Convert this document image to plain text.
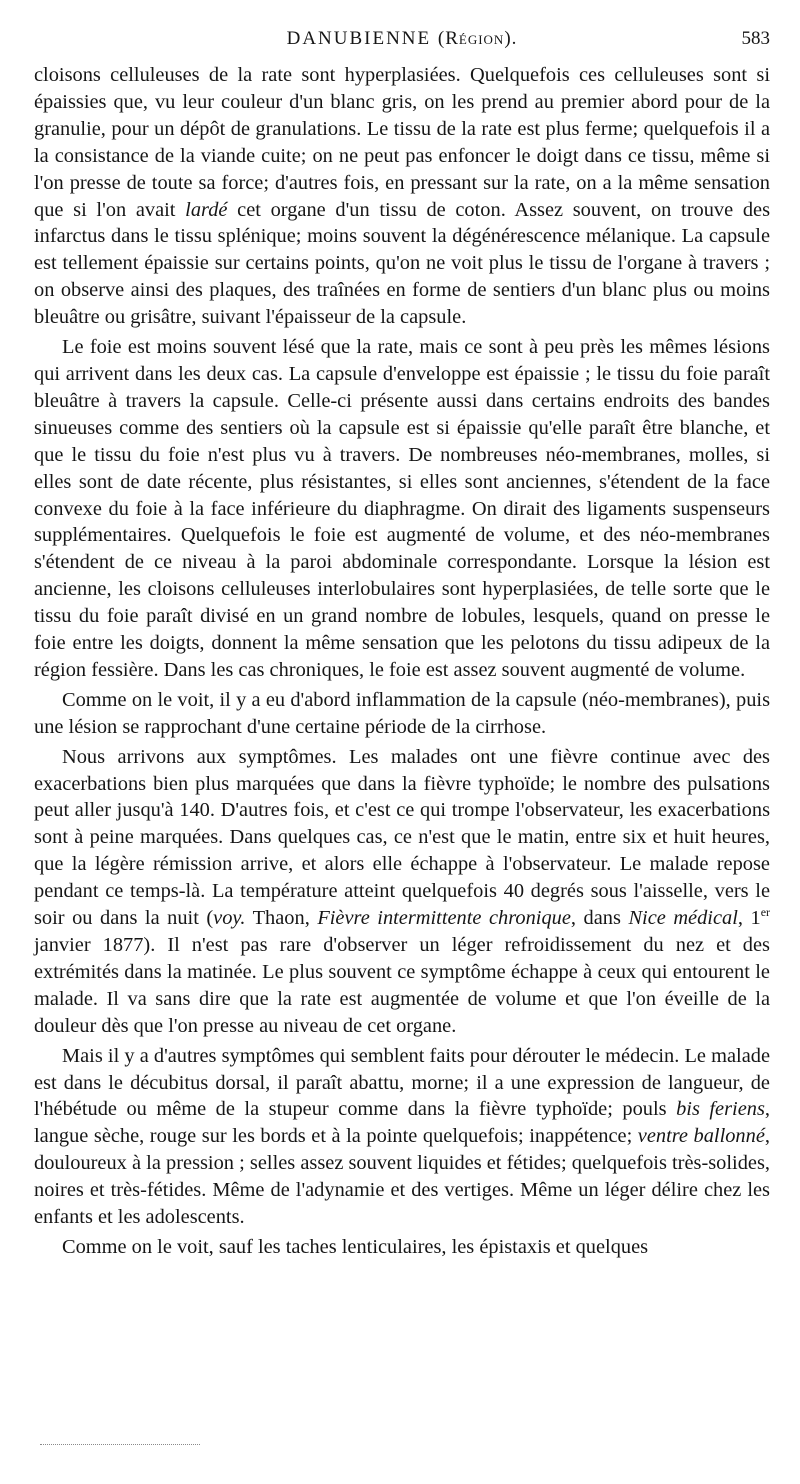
DANUBIENNE (Région).	583

cloisons celluleuses de la rate sont hyperplasiées. Quelquefois ces celluleuses sont si épaissies que, vu leur couleur d'un blanc gris, on les prend au premier abord pour de la granulie, pour un dépôt de granulations. Le tissu de la rate est plus ferme; quelquefois il a la consistance de la viande cuite; on ne peut pas enfoncer le doigt dans ce tissu, même si l'on presse de toute sa force; d'autres fois, en pressant sur la rate, on a la même sensation que si l'on avait lardé cet organe d'un tissu de coton. Assez souvent, on trouve des infarctus dans le tissu splénique; moins souvent la dégénérescence mélanique. La capsule est tellement épaissie sur certains points, qu'on ne voit plus le tissu de l'organe à travers ; on observe ainsi des plaques, des traînées en forme de sentiers d'un blanc plus ou moins bleuâtre ou grisâtre, suivant l'épaisseur de la capsule.

Le foie est moins souvent lésé que la rate, mais ce sont à peu près les mêmes lésions qui arrivent dans les deux cas. La capsule d'enveloppe est épaissie ; le tissu du foie paraît bleuâtre à travers la capsule. Celle-ci présente aussi dans certains endroits des bandes sinueuses comme des sentiers où la capsule est si épaissie qu'elle paraît être blanche, et que le tissu du foie n'est plus vu à travers. De nombreuses néo-membranes, molles, si elles sont de date récente, plus résistantes, si elles sont anciennes, s'étendent de la face convexe du foie à la face inférieure du diaphragme. On dirait des ligaments suspenseurs supplémentaires. Quelquefois le foie est augmenté de volume, et des néo-membranes s'étendent de ce niveau à la paroi abdominale correspondante. Lorsque la lésion est ancienne, les cloisons celluleuses interlobulaires sont hyperplasiées, de telle sorte que le tissu du foie paraît divisé en un grand nombre de lobules, lesquels, quand on presse le foie entre les doigts, donnent la même sensation que les pelotons du tissu adipeux de la région fessière. Dans les cas chroniques, le foie est assez souvent augmenté de volume.

Comme on le voit, il y a eu d'abord inflammation de la capsule (néo-membranes), puis une lésion se rapprochant d'une certaine période de la cirrhose.

Nous arrivons aux symptômes. Les malades ont une fièvre continue avec des exacerbations bien plus marquées que dans la fièvre typhoïde; le nombre des pulsations peut aller jusqu'à 140. D'autres fois, et c'est ce qui trompe l'observateur, les exacerbations sont à peine marquées. Dans quelques cas, ce n'est que le matin, entre six et huit heures, que la légère rémission arrive, et alors elle échappe à l'observateur. Le malade repose pendant ce temps-là. La température atteint quelquefois 40 degrés sous l'aisselle, vers le soir ou dans la nuit (voy. Thaon, Fièvre intermittente chronique, dans Nice médical, 1er janvier 1877). Il n'est pas rare d'observer un léger refroidissement du nez et des extrémités dans la matinée. Le plus souvent ce symptôme échappe à ceux qui entourent le malade. Il va sans dire que la rate est augmentée de volume et que l'on éveille de la douleur dès que l'on presse au niveau de cet organe.

Mais il y a d'autres symptômes qui semblent faits pour dérouter le médecin. Le malade est dans le décubitus dorsal, il paraît abattu, morne; il a une expression de langueur, de l'hébétude ou même de la stupeur comme dans la fièvre typhoïde; pouls bis feriens, langue sèche, rouge sur les bords et à la pointe quelquefois; inappétence; ventre ballonné, douloureux à la pression ; selles assez souvent liquides et fétides; quelquefois très-solides, noires et très-fétides. Même de l'adynamie et des vertiges. Même un léger délire chez les enfants et les adolescents.

Comme on le voit, sauf les taches lenticulaires, les épistaxis et quelques
